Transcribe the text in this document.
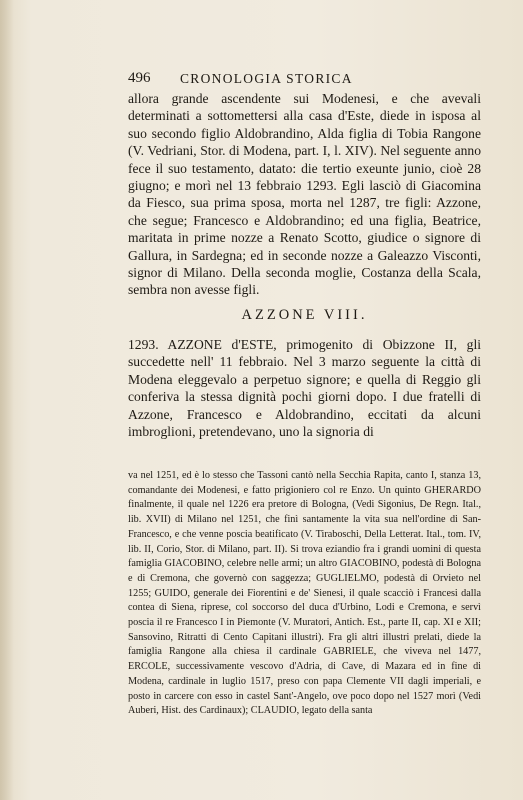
496 CRONOLOGIA STORICA

allora grande ascendente sui Modenesi, e che avevali determinati a sottomettersi alla casa d'Este, diede in isposa al suo secondo figlio Aldobrandino, Alda figlia di Tobia Rangone (V. Vedriani, Stor. di Modena, part. I, l. XIV). Nel seguente anno fece il suo testamento, datato: die tertio exeunte junio, cioè 28 giugno; e morì nel 13 febbraio 1293. Egli lasciò di Giacomina da Fiesco, sua prima sposa, morta nel 1287, tre figli: Azzone, che segue; Francesco e Aldobrandino; ed una figlia, Beatrice, maritata in prime nozze a Renato Scotto, giudice o signore di Gallura, in Sardegna; ed in seconde nozze a Galeazzo Visconti, signor di Milano. Della seconda moglie, Costanza della Scala, sembra non avesse figli.

AZZONE VIII.

1293. AZZONE d'ESTE, primogenito di Obizzone II, gli succedette nell' 11 febbraio. Nel 3 marzo seguente la città di Modena eleggevalo a perpetuo signore; e quella di Reggio gli conferiva la stessa dignità pochi giorni dopo. I due fratelli di Azzone, Francesco e Aldobrandino, eccitati da alcuni imbroglioni, pretendevano, uno la signoria di

va nel 1251, ed è lo stesso che Tassoni cantò nella Secchia Rapita, canto I, stanza 13, comandante dei Modenesi, e fatto prigioniero col re Enzo. Un quinto GHERARDO finalmente, il quale nel 1226 era pretore di Bologna, (Vedi Sigonius, De Regn. Ital., lib. XVII) di Milano nel 1251, che finì santamente la vita sua nell'ordine di San-Francesco, e che venne poscia beatificato (V. Tiraboschi, Della Letterat. Ital., tom. IV, lib. II, Corio, Stor. di Milano, part. II). Si trova eziandio fra i grandi uomini di questa famiglia GIACOBINO, celebre nelle armi; un altro GIACOBINO, podestà di Bologna e di Cremona, che governò con saggezza; GUGLIELMO, podestà di Orvieto nel 1255; GUIDO, generale dei Fiorentini e de' Sienesi, il quale scacciò i Francesi dalla contea di Siena, riprese, col soccorso del duca d'Urbino, Lodi e Cremona, e servì poscia il re Francesco I in Piemonte (V. Muratori, Antich. Est., parte II, cap. XI e XII; Sansovino, Ritratti di Cento Capitani illustri). Fra gli altri illustri prelati, diede la famiglia Rangone alla chiesa il cardinale GABRIELE, che viveva nel 1477, ERCOLE, successivamente vescovo d'Adria, di Cave, di Mazara ed in fine di Modena, cardinale in luglio 1517, preso con papa Clemente VII dagli imperiali, e posto in carcere con esso in castel Sant'-Angelo, ove poco dopo nel 1527 morì (Vedi Auberi, Hist. des Cardinaux); CLAUDIO, legato della santa
